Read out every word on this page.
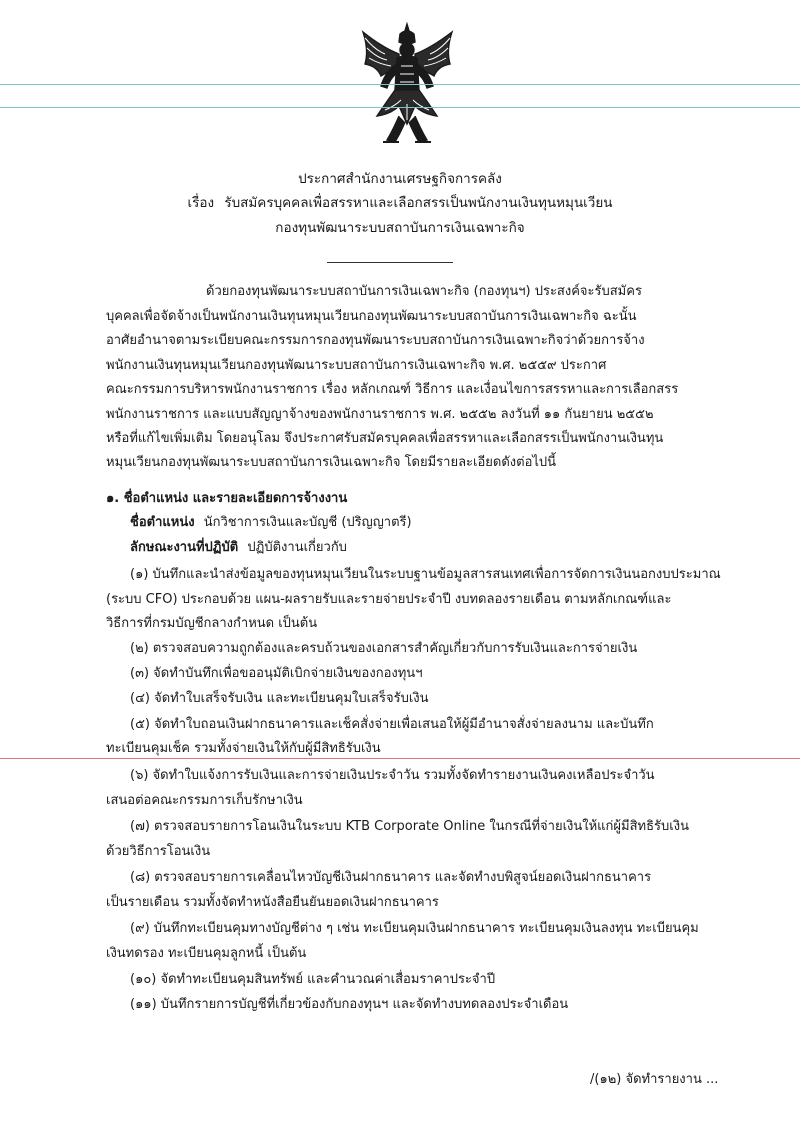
ประกาศสำนักงานเศรษฐกิจการคลัง
เรื่อง รับสมัครบุคคลเพื่อสรรหาและเลือกสรรเป็นพนักงานเงินทุนหมุนเวียน
กองทุนพัฒนาระบบสถาบันการเงินเฉพาะกิจ
ด้วยกองทุนพัฒนาระบบสถาบันการเงินเฉพาะกิจ (กองทุนฯ) ประสงค์จะรับสมัคร
บุคคลเพื่อจัดจ้างเป็นพนักงานเงินทุนหมุนเวียนกองทุนพัฒนาระบบสถาบันการเงินเฉพาะกิจ ฉะนั้น
อาศัยอำนาจตามระเบียบคณะกรรมการกองทุนพัฒนาระบบสถาบันการเงินเฉพาะกิจว่าด้วยการจ้าง
พนักงานเงินทุนหมุนเวียนกองทุนพัฒนาระบบสถาบันการเงินเฉพาะกิจ พ.ศ. ๒๕๕๙ ประกาศ
คณะกรรมการบริหารพนักงานราชการ เรื่อง หลักเกณฑ์ วิธีการ และเงื่อนไขการสรรหาและการเลือกสรร
พนักงานราชการ และแบบสัญญาจ้างของพนักงานราชการ พ.ศ. ๒๕๕๒ ลงวันที่ ๑๑ กันยายน ๒๕๕๒
หรือที่แก้ไขเพิ่มเติม โดยอนุโลม จึงประกาศรับสมัครบุคคลเพื่อสรรหาและเลือกสรรเป็นพนักงานเงินทุน
หมุนเวียนกองทุนพัฒนาระบบสถาบันการเงินเฉพาะกิจ โดยมีรายละเอียดดังต่อไปนี้
๑. ชื่อตำแหน่ง และรายละเอียดการจ้างงาน
ชื่อตำแหน่ง นักวิชาการเงินและบัญชี (ปริญญาตรี)
ลักษณะงานที่ปฏิบัติ ปฏิบัติงานเกี่ยวกับ
(๑) บันทึกและนำส่งข้อมูลของทุนหมุนเวียนในระบบฐานข้อมูลสารสนเทศเพื่อการจัดการเงินนอกงบประมาณ
(ระบบ CFO) ประกอบด้วย แผน-ผลรายรับและรายจ่ายประจำปี งบทดลองรายเดือน ตามหลักเกณฑ์และ
วิธีการที่กรมบัญชีกลางกำหนด เป็นต้น
(๒) ตรวจสอบความถูกต้องและครบถ้วนของเอกสารสำคัญเกี่ยวกับการรับเงินและการจ่ายเงิน
(๓) จัดทำบันทึกเพื่อขออนุมัติเบิกจ่ายเงินของกองทุนฯ
(๔) จัดทำใบเสร็จรับเงิน และทะเบียนคุมใบเสร็จรับเงิน
(๕) จัดทำใบถอนเงินฝากธนาคารและเช็คสั่งจ่ายเพื่อเสนอให้ผู้มีอำนาจสั่งจ่ายลงนาม และบันทึก
ทะเบียนคุมเช็ค รวมทั้งจ่ายเงินให้กับผู้มีสิทธิรับเงิน
(๖) จัดทำใบแจ้งการรับเงินและการจ่ายเงินประจำวัน รวมทั้งจัดทำรายงานเงินคงเหลือประจำวัน
เสนอต่อคณะกรรมการเก็บรักษาเงิน
(๗) ตรวจสอบรายการโอนเงินในระบบ KTB Corporate Online ในกรณีที่จ่ายเงินให้แก่ผู้มีสิทธิรับเงิน
ด้วยวิธีการโอนเงิน
(๘) ตรวจสอบรายการเคลื่อนไหวบัญชีเงินฝากธนาคาร และจัดทำงบพิสูจน์ยอดเงินฝากธนาคาร
เป็นรายเดือน รวมทั้งจัดทำหนังสือยืนยันยอดเงินฝากธนาคาร
(๙) บันทึกทะเบียนคุมทางบัญชีต่าง ๆ เช่น ทะเบียนคุมเงินฝากธนาคาร ทะเบียนคุมเงินลงทุน ทะเบียนคุม
เงินทดรอง ทะเบียนคุมลูกหนี้ เป็นต้น
(๑๐) จัดทำทะเบียนคุมสินทรัพย์ และคำนวณค่าเสื่อมราคาประจำปี
(๑๑) บันทึกรายการบัญชีที่เกี่ยวข้องกับกองทุนฯ และจัดทำงบทดลองประจำเดือน
/(๑๒) จัดทำรายงาน ...
